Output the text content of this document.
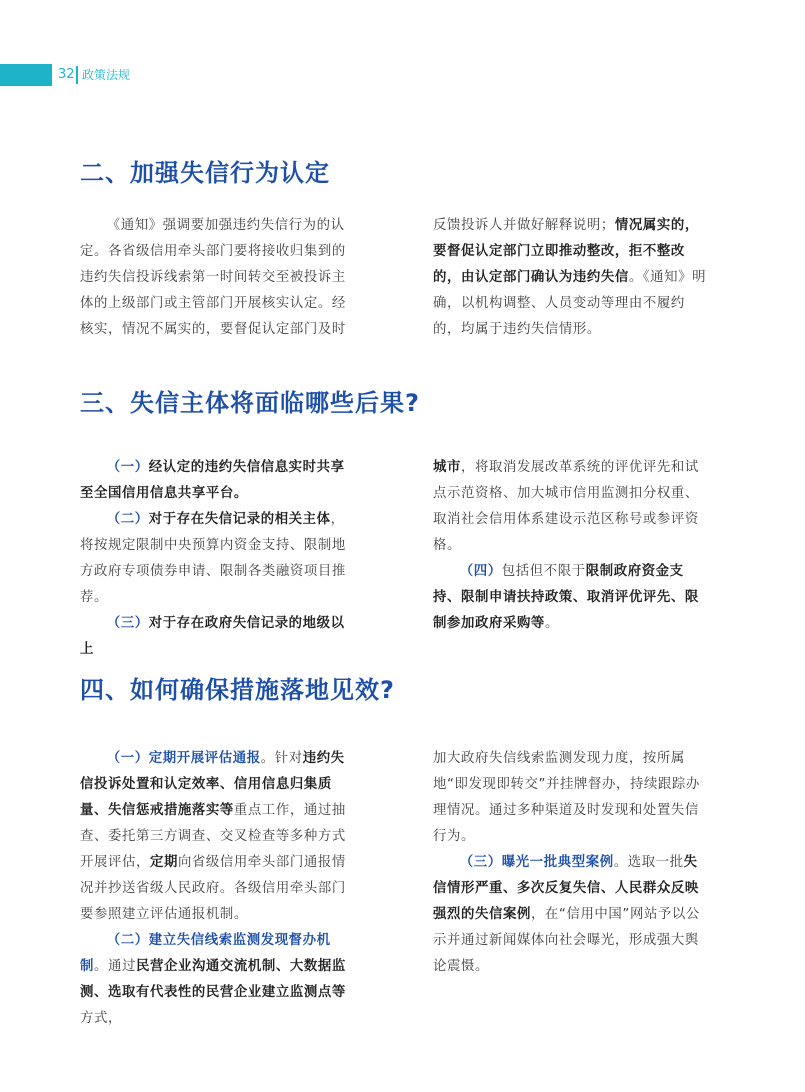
32 政策法规
二、加强失信行为认定

《通知》强调要加强违约失信行为的认定。各省级信用牵头部门要将接收归集到的违约失信投诉线索第一时间转交至被投诉主体的上级部门或主管部门开展核实认定。经核实，情况不属实的，要督促认定部门及时

反馈投诉人并做好解释说明；情况属实的，要督促认定部门立即推动整改，拒不整改的，由认定部门确认为违约失信。《通知》明确，以机构调整、人员变动等理由不履约的，均属于违约失信情形。

三、失信主体将面临哪些后果?

（一）经认定的违约失信信息实时共享至全国信用信息共享平台。

（二）对于存在失信记录的相关主体，将按规定限制中央预算内资金支持、限制地方政府专项债券申请、限制各类融资项目推荐。

（三）对于存在政府失信记录的地级以上

城市，将取消发展改革系统的评优评先和试点示范资格、加大城市信用监测扣分权重、取消社会信用体系建设示范区称号或参评资格。

（四）包括但不限于限制政府资金支持、限制申请扶持政策、取消评优评先、限制参加政府采购等。

四、如何确保措施落地见效?

（一）定期开展评估通报。针对违约失信投诉处置和认定效率、信用信息归集质量、失信惩戒措施落实等重点工作，通过抽查、委托第三方调查、交叉检查等多种方式开展评估，定期向省级信用牵头部门通报情况并抄送省级人民政府。各级信用牵头部门要参照建立评估通报机制。

（二）建立失信线索监测发现督办机制。通过民营企业沟通交流机制、大数据监测、选取有代表性的民营企业建立监测点等方式，

加大政府失信线索监测发现力度，按所属地“即发现即转交”并挂牌督办，持续跟踪办理情况。通过多种渠道及时发现和处置失信行为。

（三）曝光一批典型案例。选取一批失信情形严重、多次反复失信、人民群众反映强烈的失信案例，在“信用中国”网站予以公示并通过新闻媒体向社会曝光，形成强大舆论震慑。
